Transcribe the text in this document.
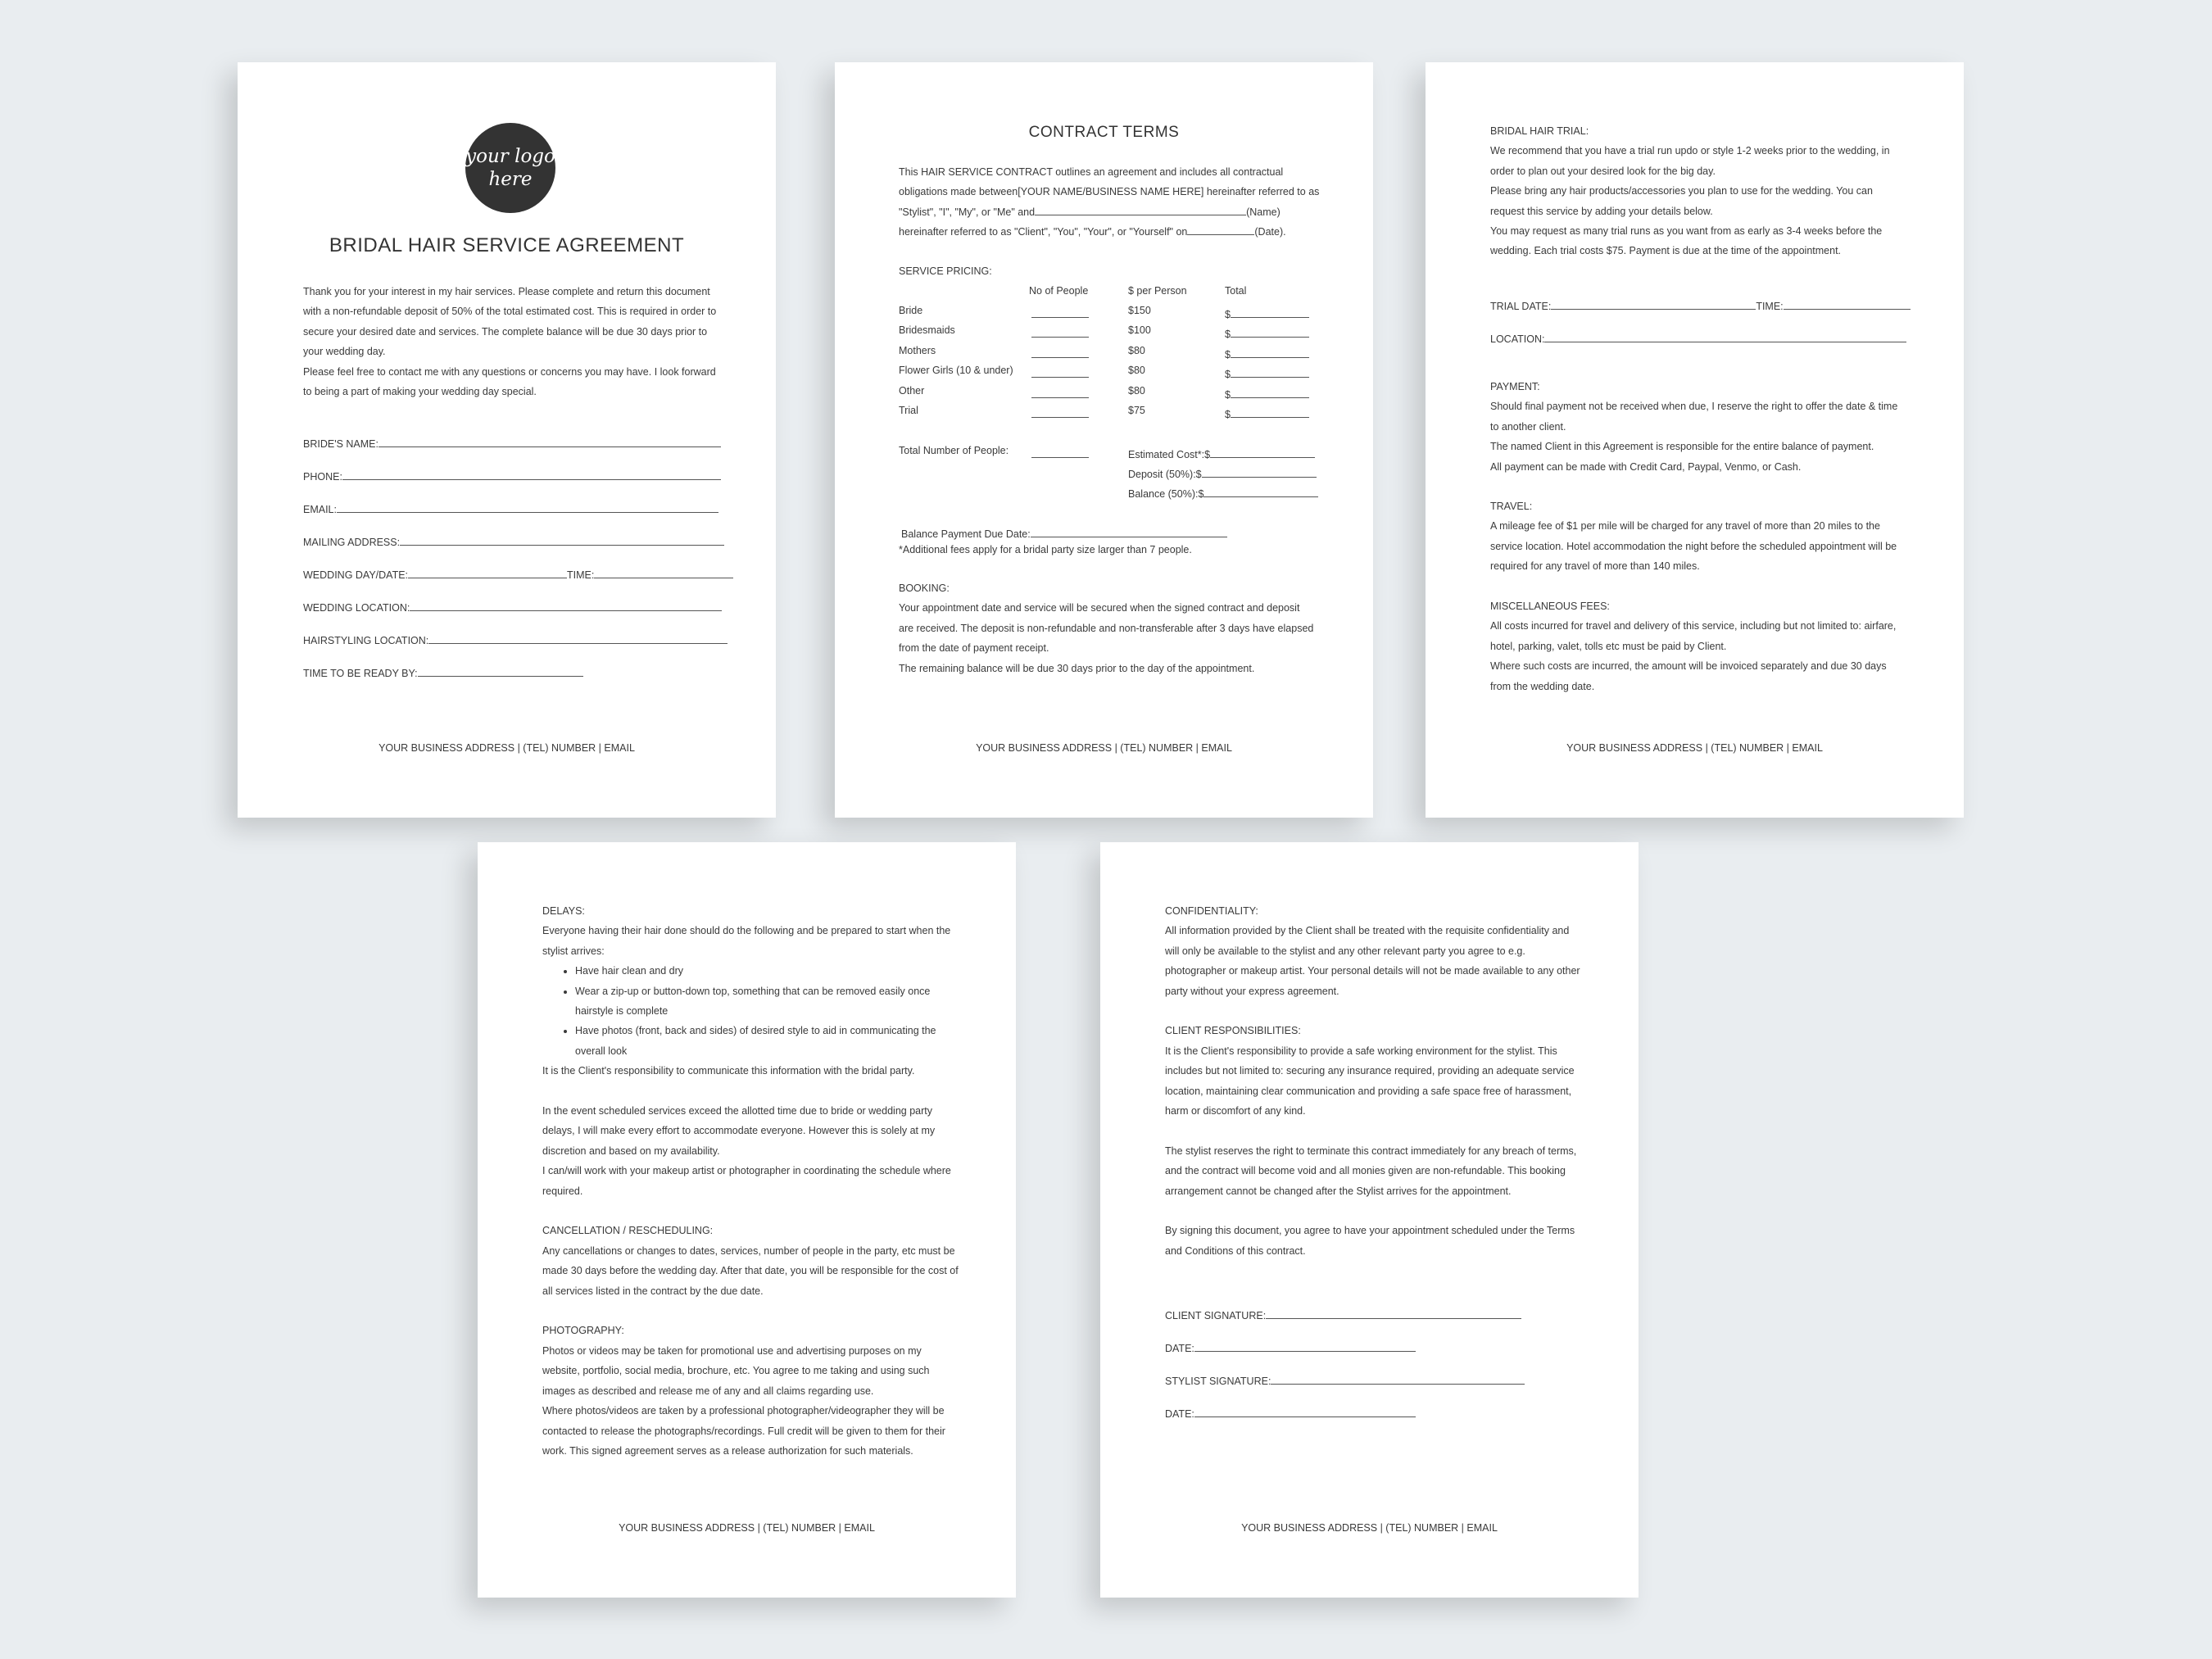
your logo
here
BRIDAL HAIR SERVICE AGREEMENT

Thank you for your interest in my hair services. Please complete and return this document with a non-refundable deposit of 50% of the total estimated cost. This is required in order to secure your desired date and services. The complete balance will be due 30 days prior to your wedding day.

Please feel free to contact me with any questions or concerns you may have. I look forward to being a part of making your wedding day special.

BRIDE'S NAME:
PHONE:
EMAIL:
MAILING ADDRESS:
WEDDING DAY/DATE:	TIME:
WEDDING LOCATION:
HAIRSTYLING LOCATION:
TIME TO BE READY BY:
YOUR BUSINESS ADDRESS | (TEL) NUMBER | EMAIL
CONTRACT TERMS

This HAIR SERVICE CONTRACT outlines an agreement and includes all contractual

obligations made between[YOUR NAME/BUSINESS NAME HERE] hereinafter referred to as

"Stylist", "I", "My", or "Me" and	(Name)

hereinafter referred to as "Client", "You", "Your", or "Yourself" on	(Date).

SERVICE PRICING:
No of People	$ per Person	Total
Bride	$150	$
Bridesmaids	$100	$
Mothers	$80	$
Flower Girls (10 & under)	$80	$
Other	$80	$
Trial	$75	$
Total Number of People:	Estimated Cost*:$
Deposit (50%):$
Balance (50%):$
Balance Payment Due Date:
*Additional fees apply for a bridal party size larger than 7 people.

BOOKING:

Your appointment date and service will be secured when the signed contract and deposit are received. The deposit is non-refundable and non-transferable after 3 days have elapsed from the date of payment receipt.

The remaining balance will be due 30 days prior to the day of the appointment.

YOUR BUSINESS ADDRESS | (TEL) NUMBER | EMAIL

BRIDAL HAIR TRIAL:

We recommend that you have a trial run updo or style 1-2 weeks prior to the wedding, in order to plan out your desired look for the big day.

Please bring any hair products/accessories you plan to use for the wedding. You can request this service by adding your details below.

You may request as many trial runs as you want from as early as 3-4 weeks before the wedding. Each trial costs $75. Payment is due at the time of the appointment.

TRIAL DATE:	TIME:
LOCATION:

PAYMENT:

Should final payment not be received when due, I reserve the right to offer the date & time to another client.

The named Client in this Agreement is responsible for the entire balance of payment.

All payment can be made with Credit Card, Paypal, Venmo, or Cash.

TRAVEL:

A mileage fee of $1 per mile will be charged for any travel of more than 20 miles to the service location. Hotel accommodation the night before the scheduled appointment will be required for any travel of more than 140 miles.

MISCELLANEOUS FEES:

All costs incurred for travel and delivery of this service, including but not limited to: airfare, hotel, parking, valet, tolls etc must be paid by Client.

Where such costs are incurred, the amount will be invoiced separately and due 30 days from the wedding date.

YOUR BUSINESS ADDRESS | (TEL) NUMBER | EMAIL

DELAYS:

Everyone having their hair done should do the following and be prepared to start when the stylist arrives:

• Have hair clean and dry
• Wear a zip-up or button-down top, something that can be removed easily once hairstyle is complete
• Have photos (front, back and sides) of desired style to aid in communicating the overall look

It is the Client's responsibility to communicate this information with the bridal party.

In the event scheduled services exceed the allotted time due to bride or wedding party delays, I will make every effort to accommodate everyone. However this is solely at my discretion and based on my availability.

I can/will work with your makeup artist or photographer in coordinating the schedule where required.

CANCELLATION / RESCHEDULING:

Any cancellations or changes to dates, services, number of people in the party, etc must be made 30 days before the wedding day. After that date, you will be responsible for the cost of all services listed in the contract by the due date.

PHOTOGRAPHY:

Photos or videos may be taken for promotional use and advertising purposes on my website, portfolio, social media, brochure, etc. You agree to me taking and using such images as described and release me of any and all claims regarding use.

Where photos/videos are taken by a professional photographer/videographer they will be contacted to release the photographs/recordings. Full credit will be given to them for their work. This signed agreement serves as a release authorization for such materials.

YOUR BUSINESS ADDRESS | (TEL) NUMBER | EMAIL

CONFIDENTIALITY:

All information provided by the Client shall be treated with the requisite confidentiality and will only be available to the stylist and any other relevant party you agree to e.g. photographer or makeup artist. Your personal details will not be made available to any other party without your express agreement.

CLIENT RESPONSIBILITIES:

It is the Client's responsibility to provide a safe working environment for the stylist. This includes but not limited to: securing any insurance required, providing an adequate service location, maintaining clear communication and providing a safe space free of harassment, harm or discomfort of any kind.

The stylist reserves the right to terminate this contract immediately for any breach of terms, and the contract will become void and all monies given are non-refundable. This booking arrangement cannot be changed after the Stylist arrives for the appointment.

By signing this document, you agree to have your appointment scheduled under the Terms and Conditions of this contract.

CLIENT SIGNATURE:
DATE:
STYLIST SIGNATURE:
DATE:
YOUR BUSINESS ADDRESS | (TEL) NUMBER | EMAIL
